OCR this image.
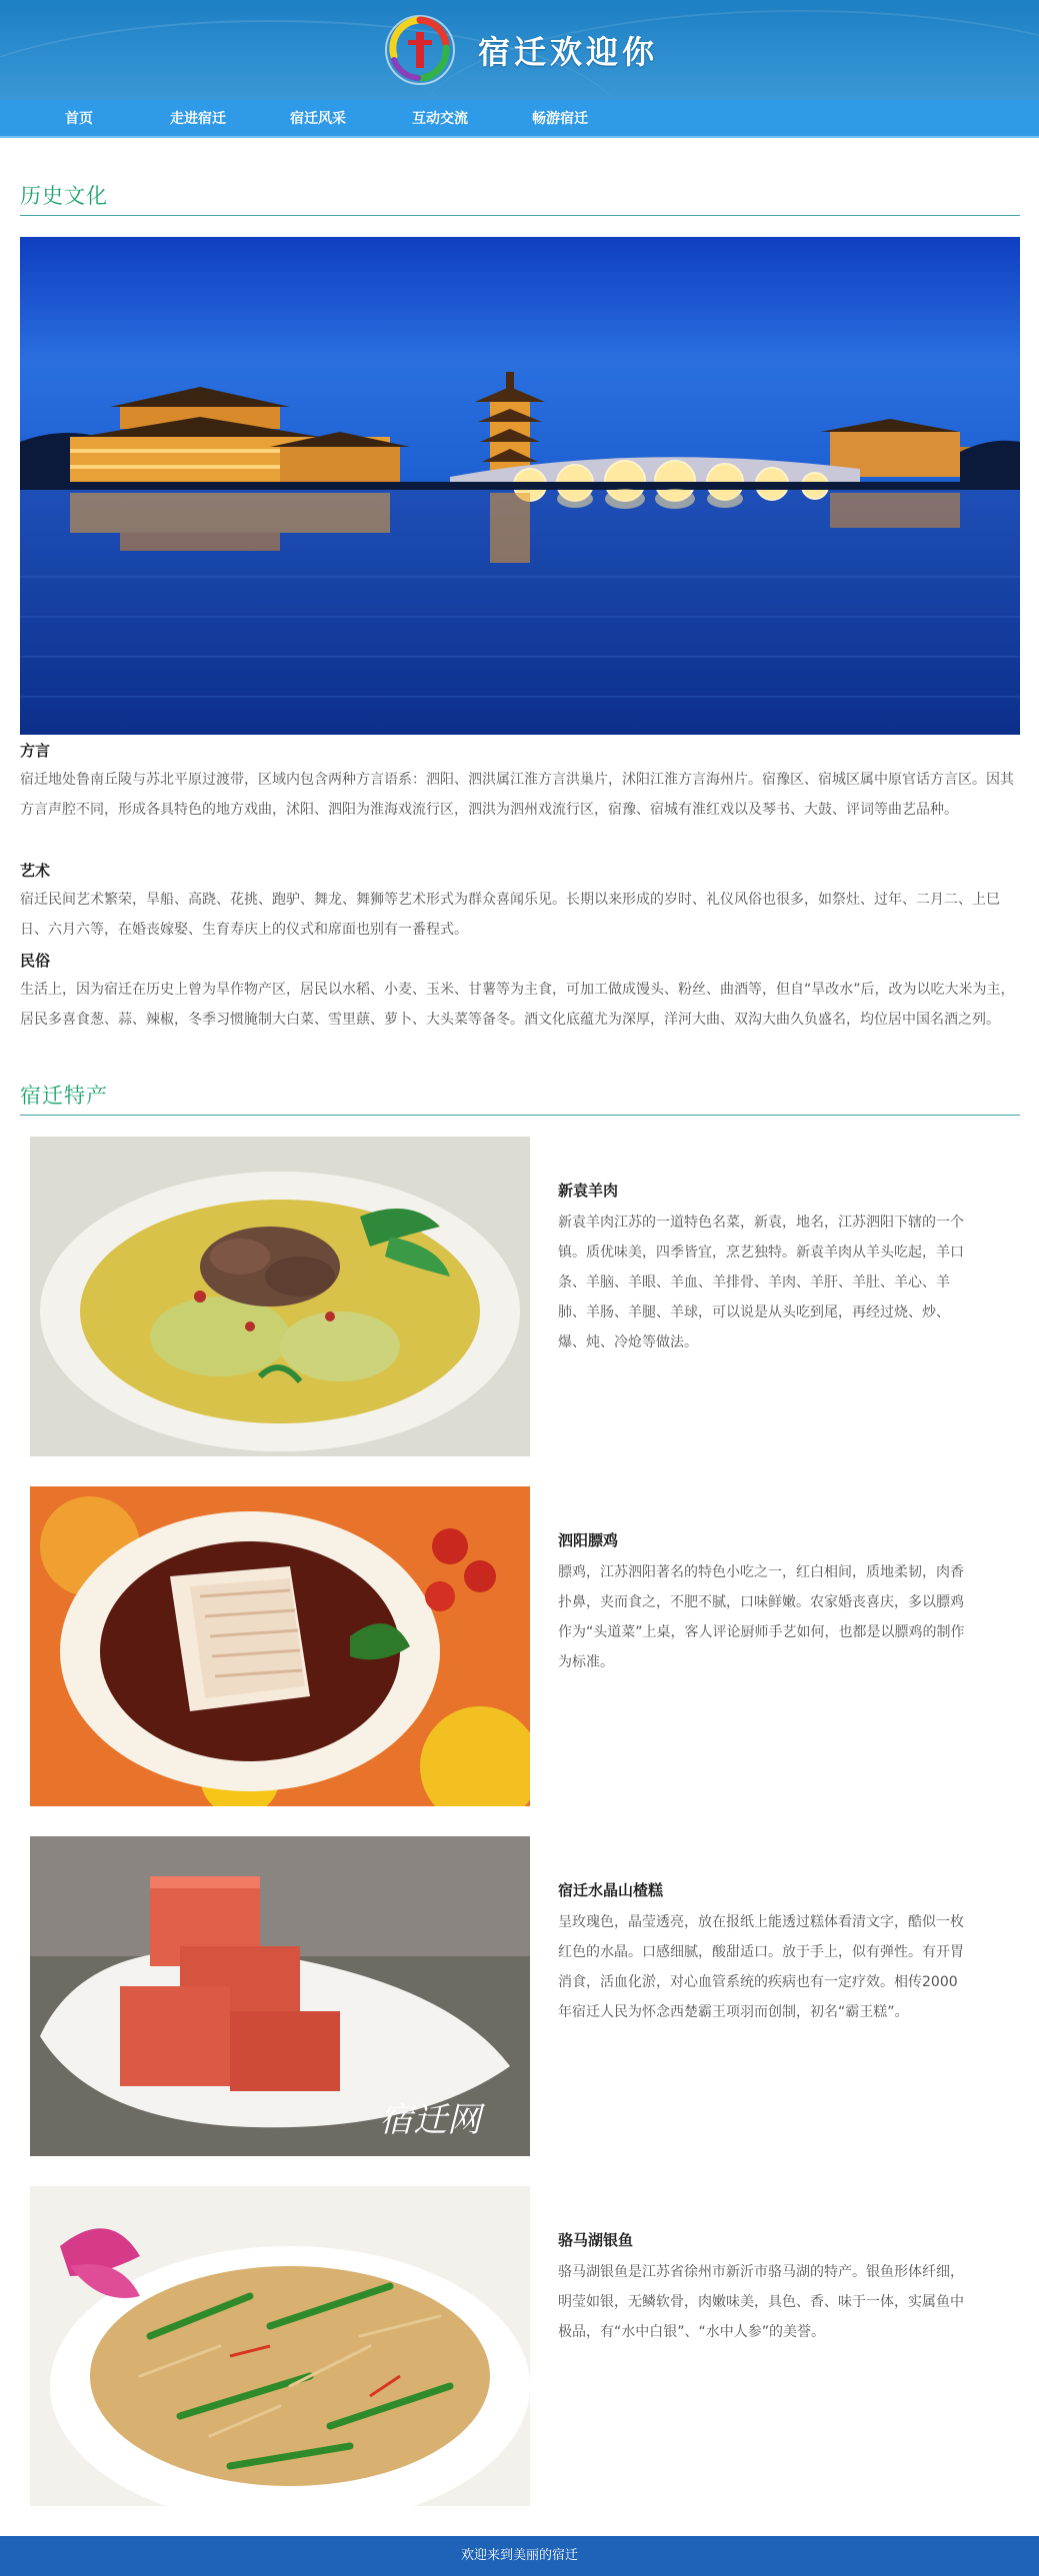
宿迁欢迎你
首页	走进宿迁	宿迁风采	互动交流	畅游宿迁
历史文化
方言
宿迁地处鲁南丘陵与苏北平原过渡带，区域内包含两种方言语系：泗阳、泗洪属江淮方言洪巢片，沭阳江淮方言海州片。宿豫区、宿城区属中原官话方言区。因其方言声腔不同，形成各具特色的地方戏曲，沭阳、泗阳为淮海戏流行区，泗洪为泗州戏流行区，宿豫、宿城有淮红戏以及琴书、大鼓、评词等曲艺品种。
艺术
宿迁民间艺术繁荣，旱船、高跷、花挑、跑驴、舞龙、舞狮等艺术形式为群众喜闻乐见。长期以来形成的岁时、礼仪风俗也很多，如祭灶、过年、二月二、上巳日、六月六等，在婚丧嫁娶、生育寿庆上的仪式和席面也别有一番程式。
民俗
生活上，因为宿迁在历史上曾为旱作物产区，居民以水稻、小麦、玉米、甘薯等为主食，可加工做成馒头、粉丝、曲酒等，但自“旱改水”后，改为以吃大米为主，居民多喜食葱、蒜、辣椒，冬季习惯腌制大白菜、雪里蕻、萝卜、大头菜等备冬。酒文化底蕴尤为深厚，洋河大曲、双沟大曲久负盛名，均位居中国名酒之列。
宿迁特产
新袁羊肉
新袁羊肉江苏的一道特色名菜，新袁，地名，江苏泗阳下辖的一个镇。质优味美，四季皆宜，烹艺独特。新袁羊肉从羊头吃起，羊口条、羊脑、羊眼、羊血、羊排骨、羊肉、羊肝、羊肚、羊心、羊肺、羊肠、羊腿、羊球，可以说是从头吃到尾，再经过烧、炒、爆、炖、冷炝等做法。
泗阳膘鸡
膘鸡，江苏泗阳著名的特色小吃之一，红白相间，质地柔韧，肉香扑鼻，夹而食之，不肥不腻，口味鲜嫩。农家婚丧喜庆，多以膘鸡作为“头道菜”上桌，客人评论厨师手艺如何，也都是以膘鸡的制作为标准。
宿迁网
宿迁水晶山楂糕
呈玫瑰色，晶莹透亮，放在报纸上能透过糕体看清文字，酷似一枚红色的水晶。口感细腻，酸甜适口。放于手上，似有弹性。有开胃消食，活血化淤，对心血管系统的疾病也有一定疗效。相传2000年宿迁人民为怀念西楚霸王项羽而创制，初名“霸王糕”。
骆马湖银鱼
骆马湖银鱼是江苏省徐州市新沂市骆马湖的特产。银鱼形体纤细，明莹如银，无鳞软骨，肉嫩味美，具色、香、味于一体，实属鱼中极品，有“水中白银”、“水中人参”的美誉。
欢迎来到美丽的宿迁
